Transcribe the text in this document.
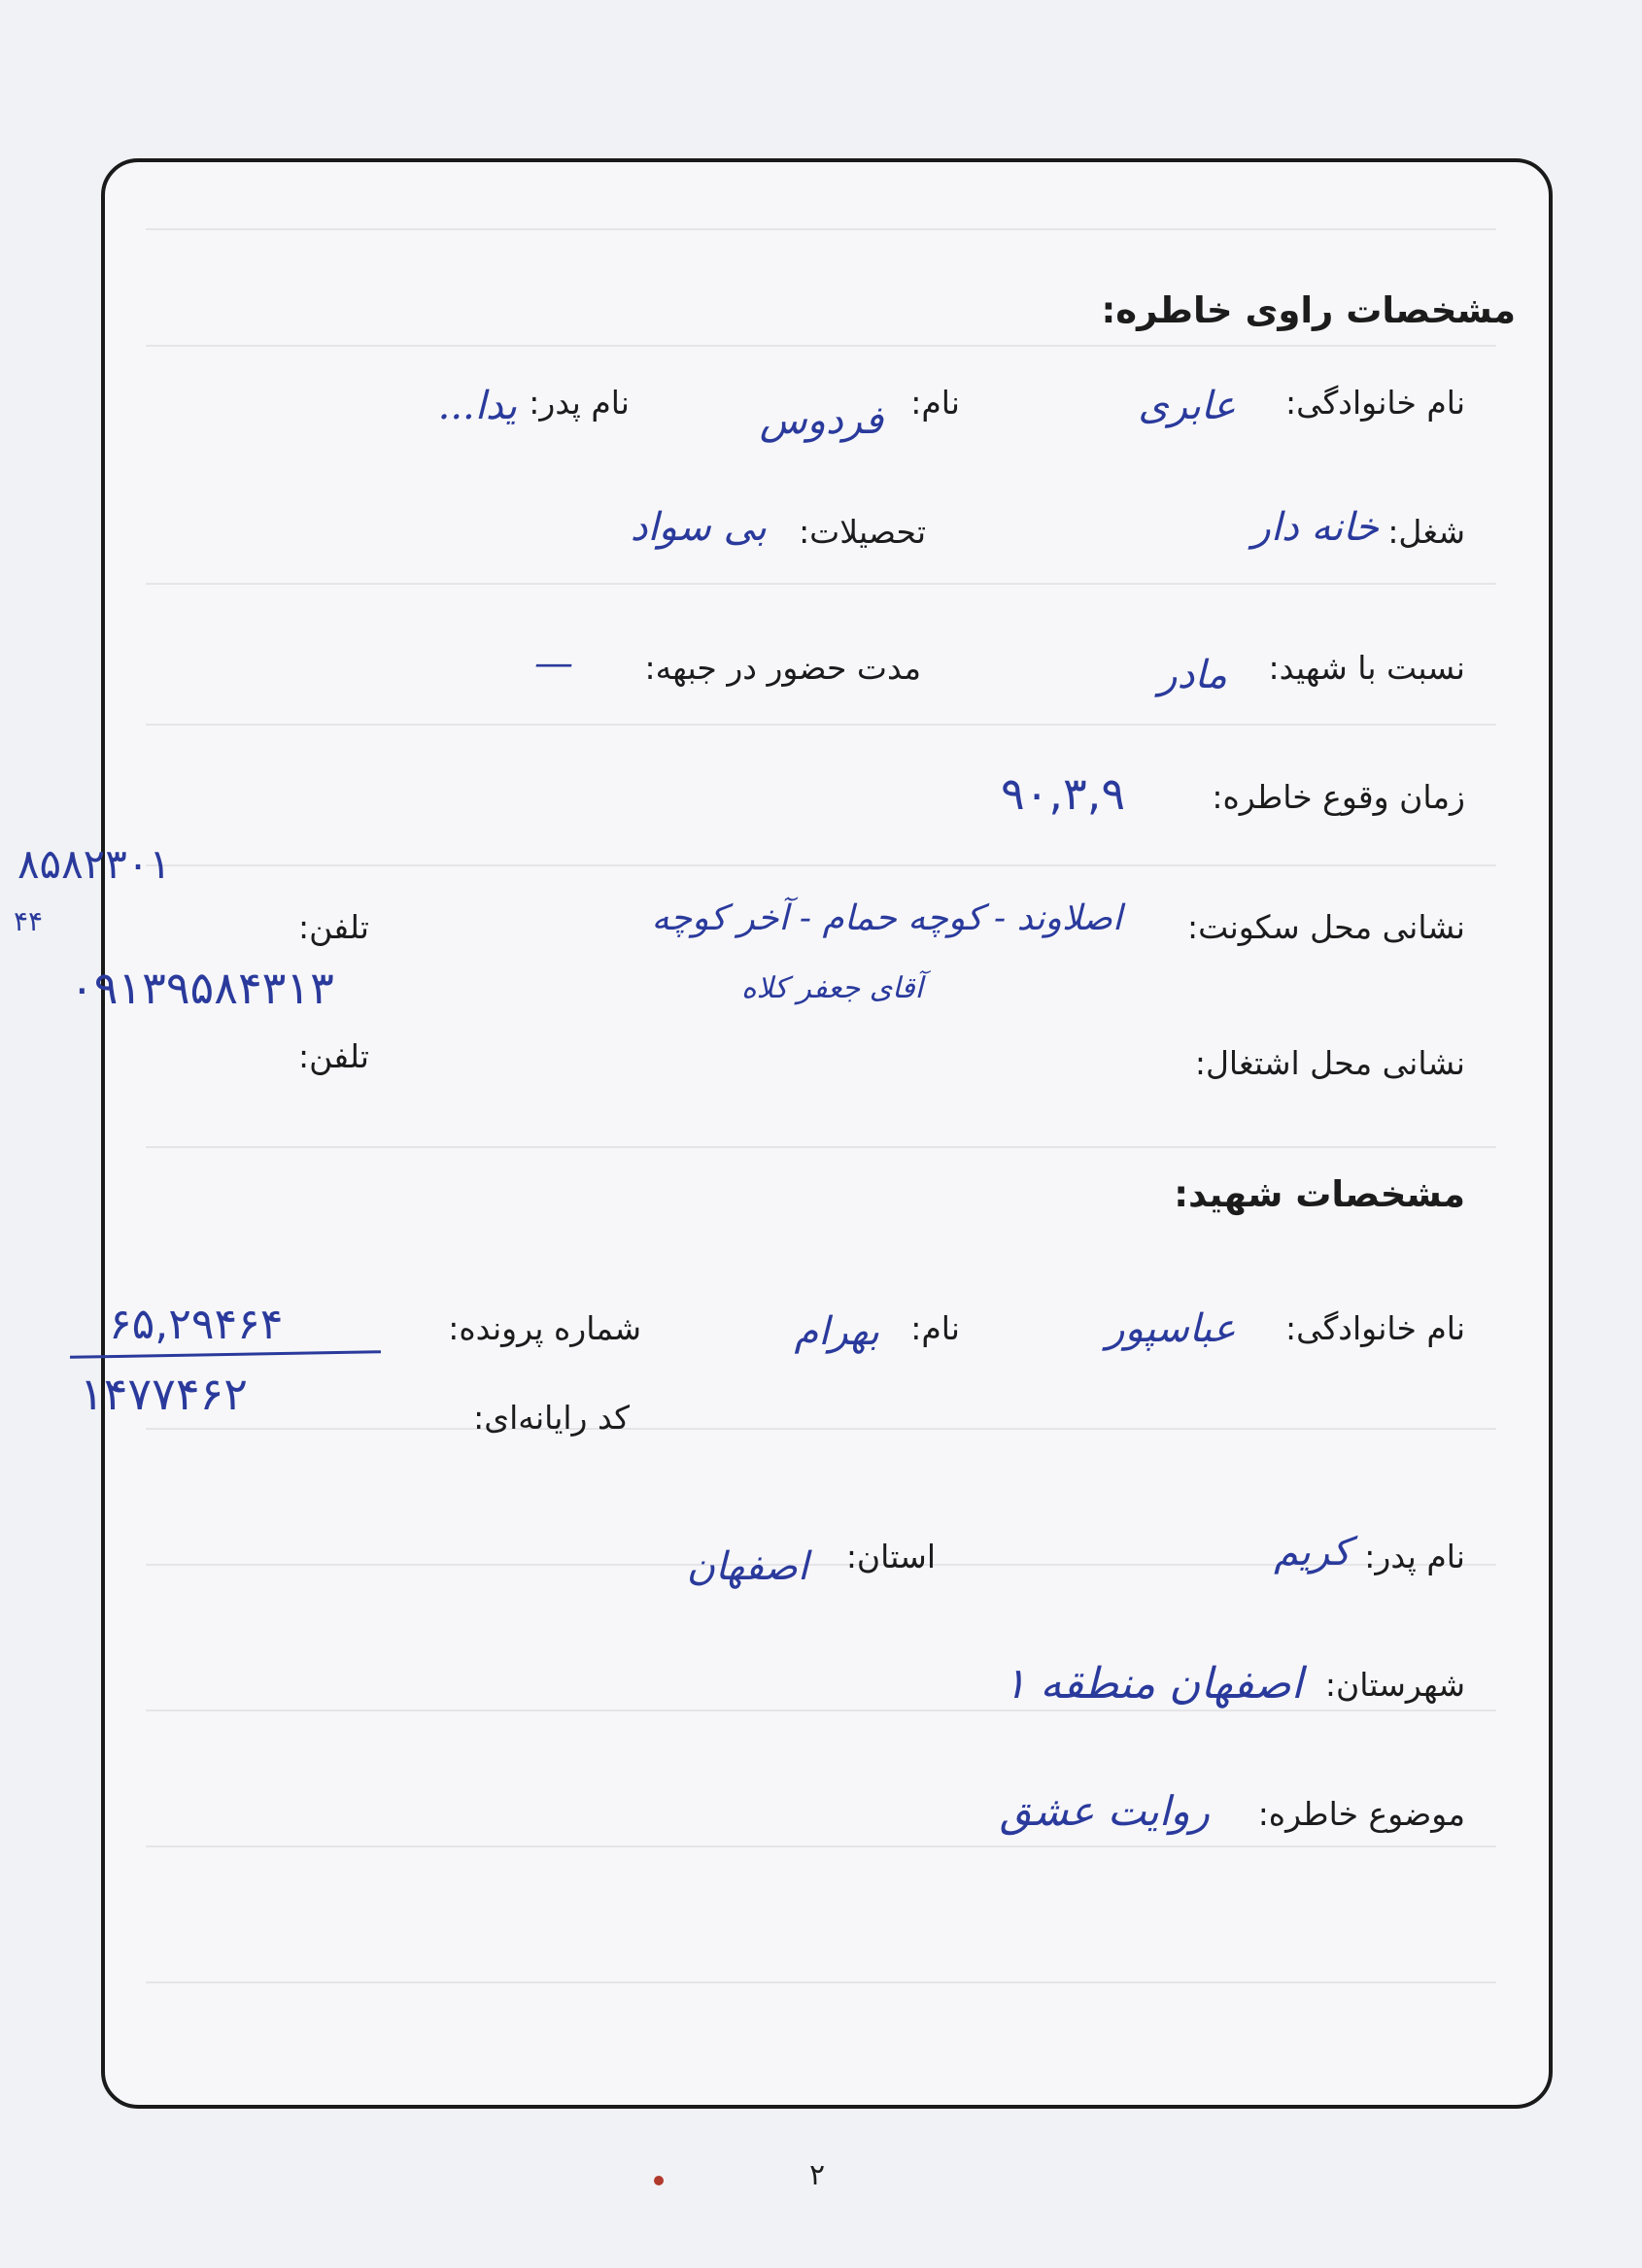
مشخصات راوی خاطره:
نام خانوادگی:
عابری
نام:
فردوس
نام پدر:
یدا...
شغل:
خانه دار
تحصیلات:
بی سواد
نسبت با شهید:
مادر
مدت حضور در جبهه:
—
زمان وقوع خاطره:
۹۰,۳,۹
نشانی محل سکونت:
اصلاوند - کوچه حمام - آخر کوچه
آقای جعفر کلاه
تلفن:
۸۵۸۲۳۰۱
۴۴
۰۹۱۳۹۵۸۴۳۱۳
نشانی محل اشتغال:
تلفن:
مشخصات شهید:
نام خانوادگی:
عباسپور
نام:
بهرام
شماره پرونده:
۶۵,۲۹۴۶۴
کد رایانه‌ای:
۱۴۷۷۴۶۲
نام پدر:
کریم
استان:
اصفهان
شهرستان:
اصفهان منطقه ۱
موضوع خاطره:
روایت عشق
۲
